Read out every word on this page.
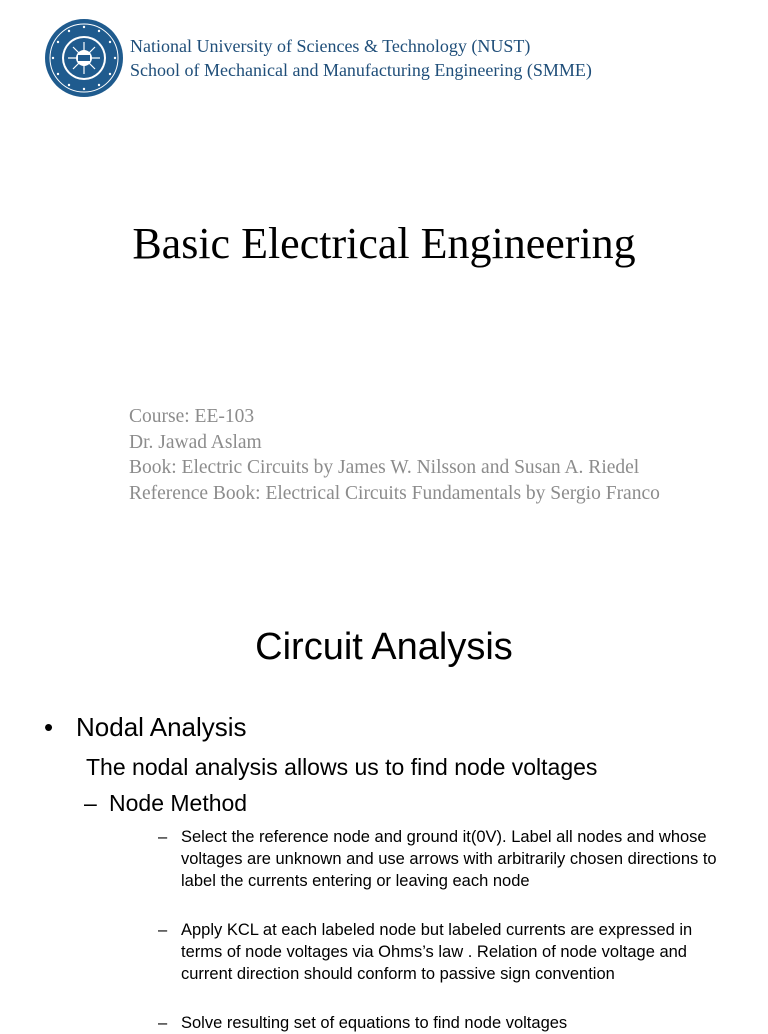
National University of Sciences & Technology (NUST)
School of Mechanical and Manufacturing Engineering (SMME)
Basic Electrical Engineering
Course: EE-103
Dr. Jawad Aslam
Book: Electric Circuits by James W. Nilsson and Susan A. Riedel
Reference Book: Electrical Circuits Fundamentals by Sergio Franco
Circuit Analysis
• Nodal Analysis
The nodal analysis allows us to find node voltages
– Node Method
– Select the reference node and ground it(0V). Label all nodes and whose voltages are unknown and use arrows with arbitrarily chosen directions to label the currents entering or leaving each node
– Apply KCL at each labeled node but labeled currents are expressed in terms of node voltages via Ohms’s law . Relation of node voltage and current direction should conform to passive sign convention
– Solve resulting set of equations to find node voltages
